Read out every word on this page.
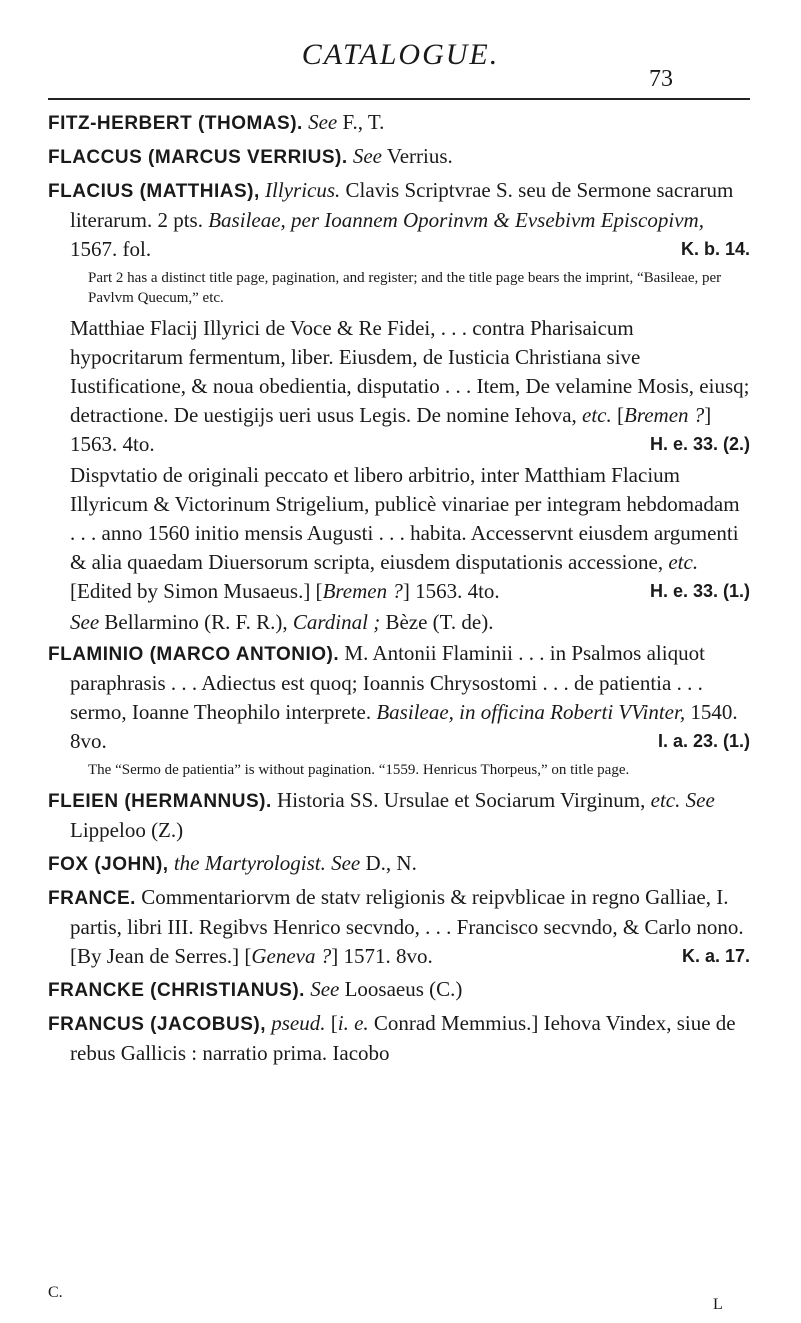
CATALOGUE.
73
FITZ-HERBERT (THOMAS). See F., T.
FLACCUS (MARCUS VERRIUS). See Verrius.
FLACIUS (MATTHIAS), Illyricus. Clavis Scriptvrae S. seu de Sermone sacrarum literarum. 2 pts. Basileae, per Ioannem Oporinvm & Evsebivm Episcopivm, 1567. fol.	K. b. 14.
Part 2 has a distinct title page, pagination, and register; and the title page bears the imprint, “Basileae, per Pavlvm Quecum,” etc.
Matthiae Flacij Illyrici de Voce & Re Fidei, . . . contra Pharisaicum hypocritarum fermentum, liber. Eiusdem, de Iusticia Christiana sive Iustificatione, & noua obedientia, disputatio . . . Item, De velamine Mosis, eiusq; detractione. De uestigijs ueri usus Legis. De nomine Iehova, etc. [Bremen ?] 1563. 4to.	H. e. 33. (2.)
Dispvtatio de originali peccato et libero arbitrio, inter Matthiam Flacium Illyricum & Victorinum Strigelium, publicè vinariae per integram hebdomadam . . . anno 1560 initio mensis Augusti . . . habita. Accesservnt eiusdem argumenti & alia quaedam Diuersorum scripta, eiusdem disputationis accessione, etc. [Edited by Simon Musaeus.] [Bremen ?] 1563. 4to.	H. e. 33. (1.)
See Bellarmino (R. F. R.), Cardinal ; Bèze (T. de).
FLAMINIO (MARCO ANTONIO). M. Antonii Flaminii . . . in Psalmos aliquot paraphrasis . . . Adiectus est quoq; Ioannis Chrysostomi . . . de patientia . . . sermo, Ioanne Theophilo interprete. Basileae, in officina Roberti VVinter, 1540. 8vo.	I. a. 23. (1.)
The “Sermo de patientia” is without pagination. “1559. Henricus Thorpeus,” on title page.
FLEIEN (HERMANNUS). Historia SS. Ursulae et Sociarum Virginum, etc. See Lippeloo (Z.)
FOX (JOHN), the Martyrologist. See D., N.
FRANCE. Commentariorvm de statv religionis & reipvblicae in regno Galliae, I. partis, libri III. Regibvs Henrico secvndo, . . . Francisco secvndo, & Carlo nono. [By Jean de Serres.] [Geneva ?] 1571. 8vo.	K. a. 17.
FRANCKE (CHRISTIANUS). See Loosaeus (C.)
FRANCUS (JACOBUS), pseud. [i. e. Conrad Memmius.] Iehova Vindex, siue de rebus Gallicis : narratio prima. Iacobo
C.
L
